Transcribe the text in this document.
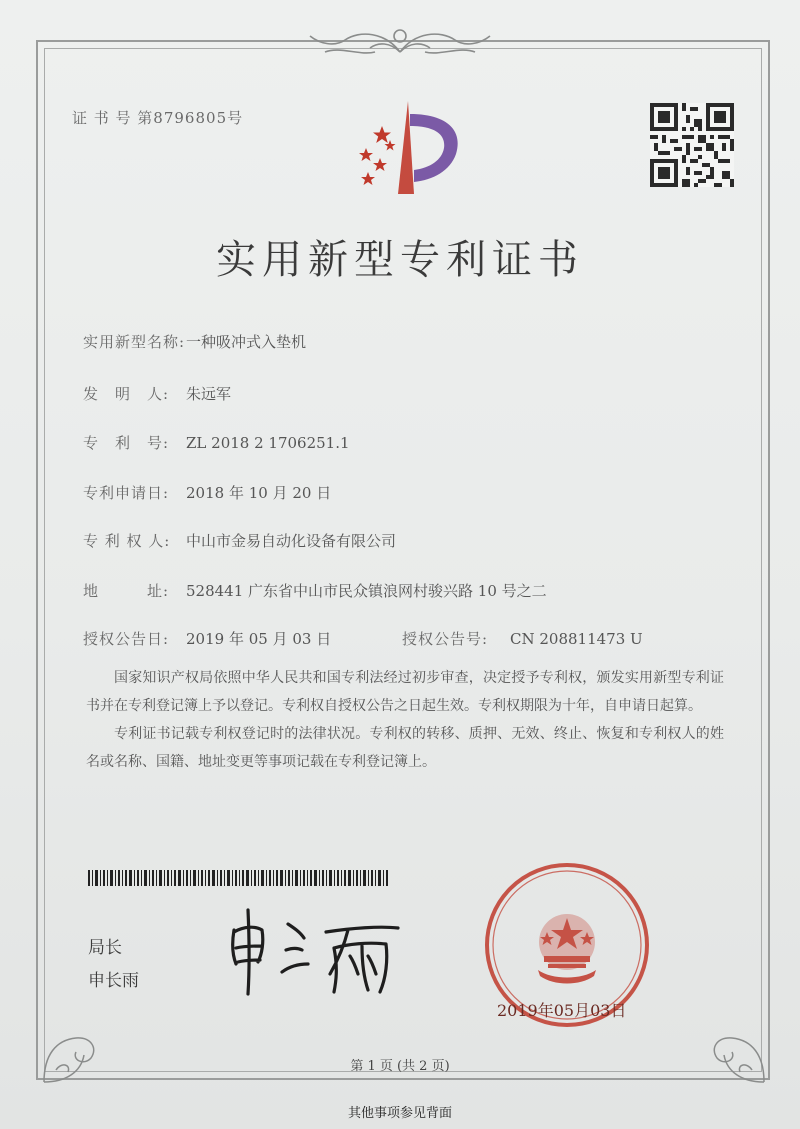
证 书 号 第8796805号
实用新型专利证书
实用新型名称:一种吸冲式入垫机
发　明　人: 朱远军
专　利　号: ZL 2018 2 1706251.1
专利申请日: 2018 年 10 月 20 日
专 利 权 人: 中山市金易自动化设备有限公司
地　　　址: 528441 广东省中山市民众镇浪网村骏兴路 10 号之二
授权公告日: 2019 年 05 月 03 日	授权公告号: CN 208811473 U

国家知识产权局依照中华人民共和国专利法经过初步审查，决定授予专利权，颁发实用新型专利证书并在专利登记簿上予以登记。专利权自授权公告之日起生效。专利权期限为十年，自申请日起算。

专利证书记载专利权登记时的法律状况。专利权的转移、质押、无效、终止、恢复和专利权人的姓名或名称、国籍、地址变更等事项记载在专利登记簿上。

局长
申长雨
2019年05月03日
第 1 页 (共 2 页)
其他事项参见背面
